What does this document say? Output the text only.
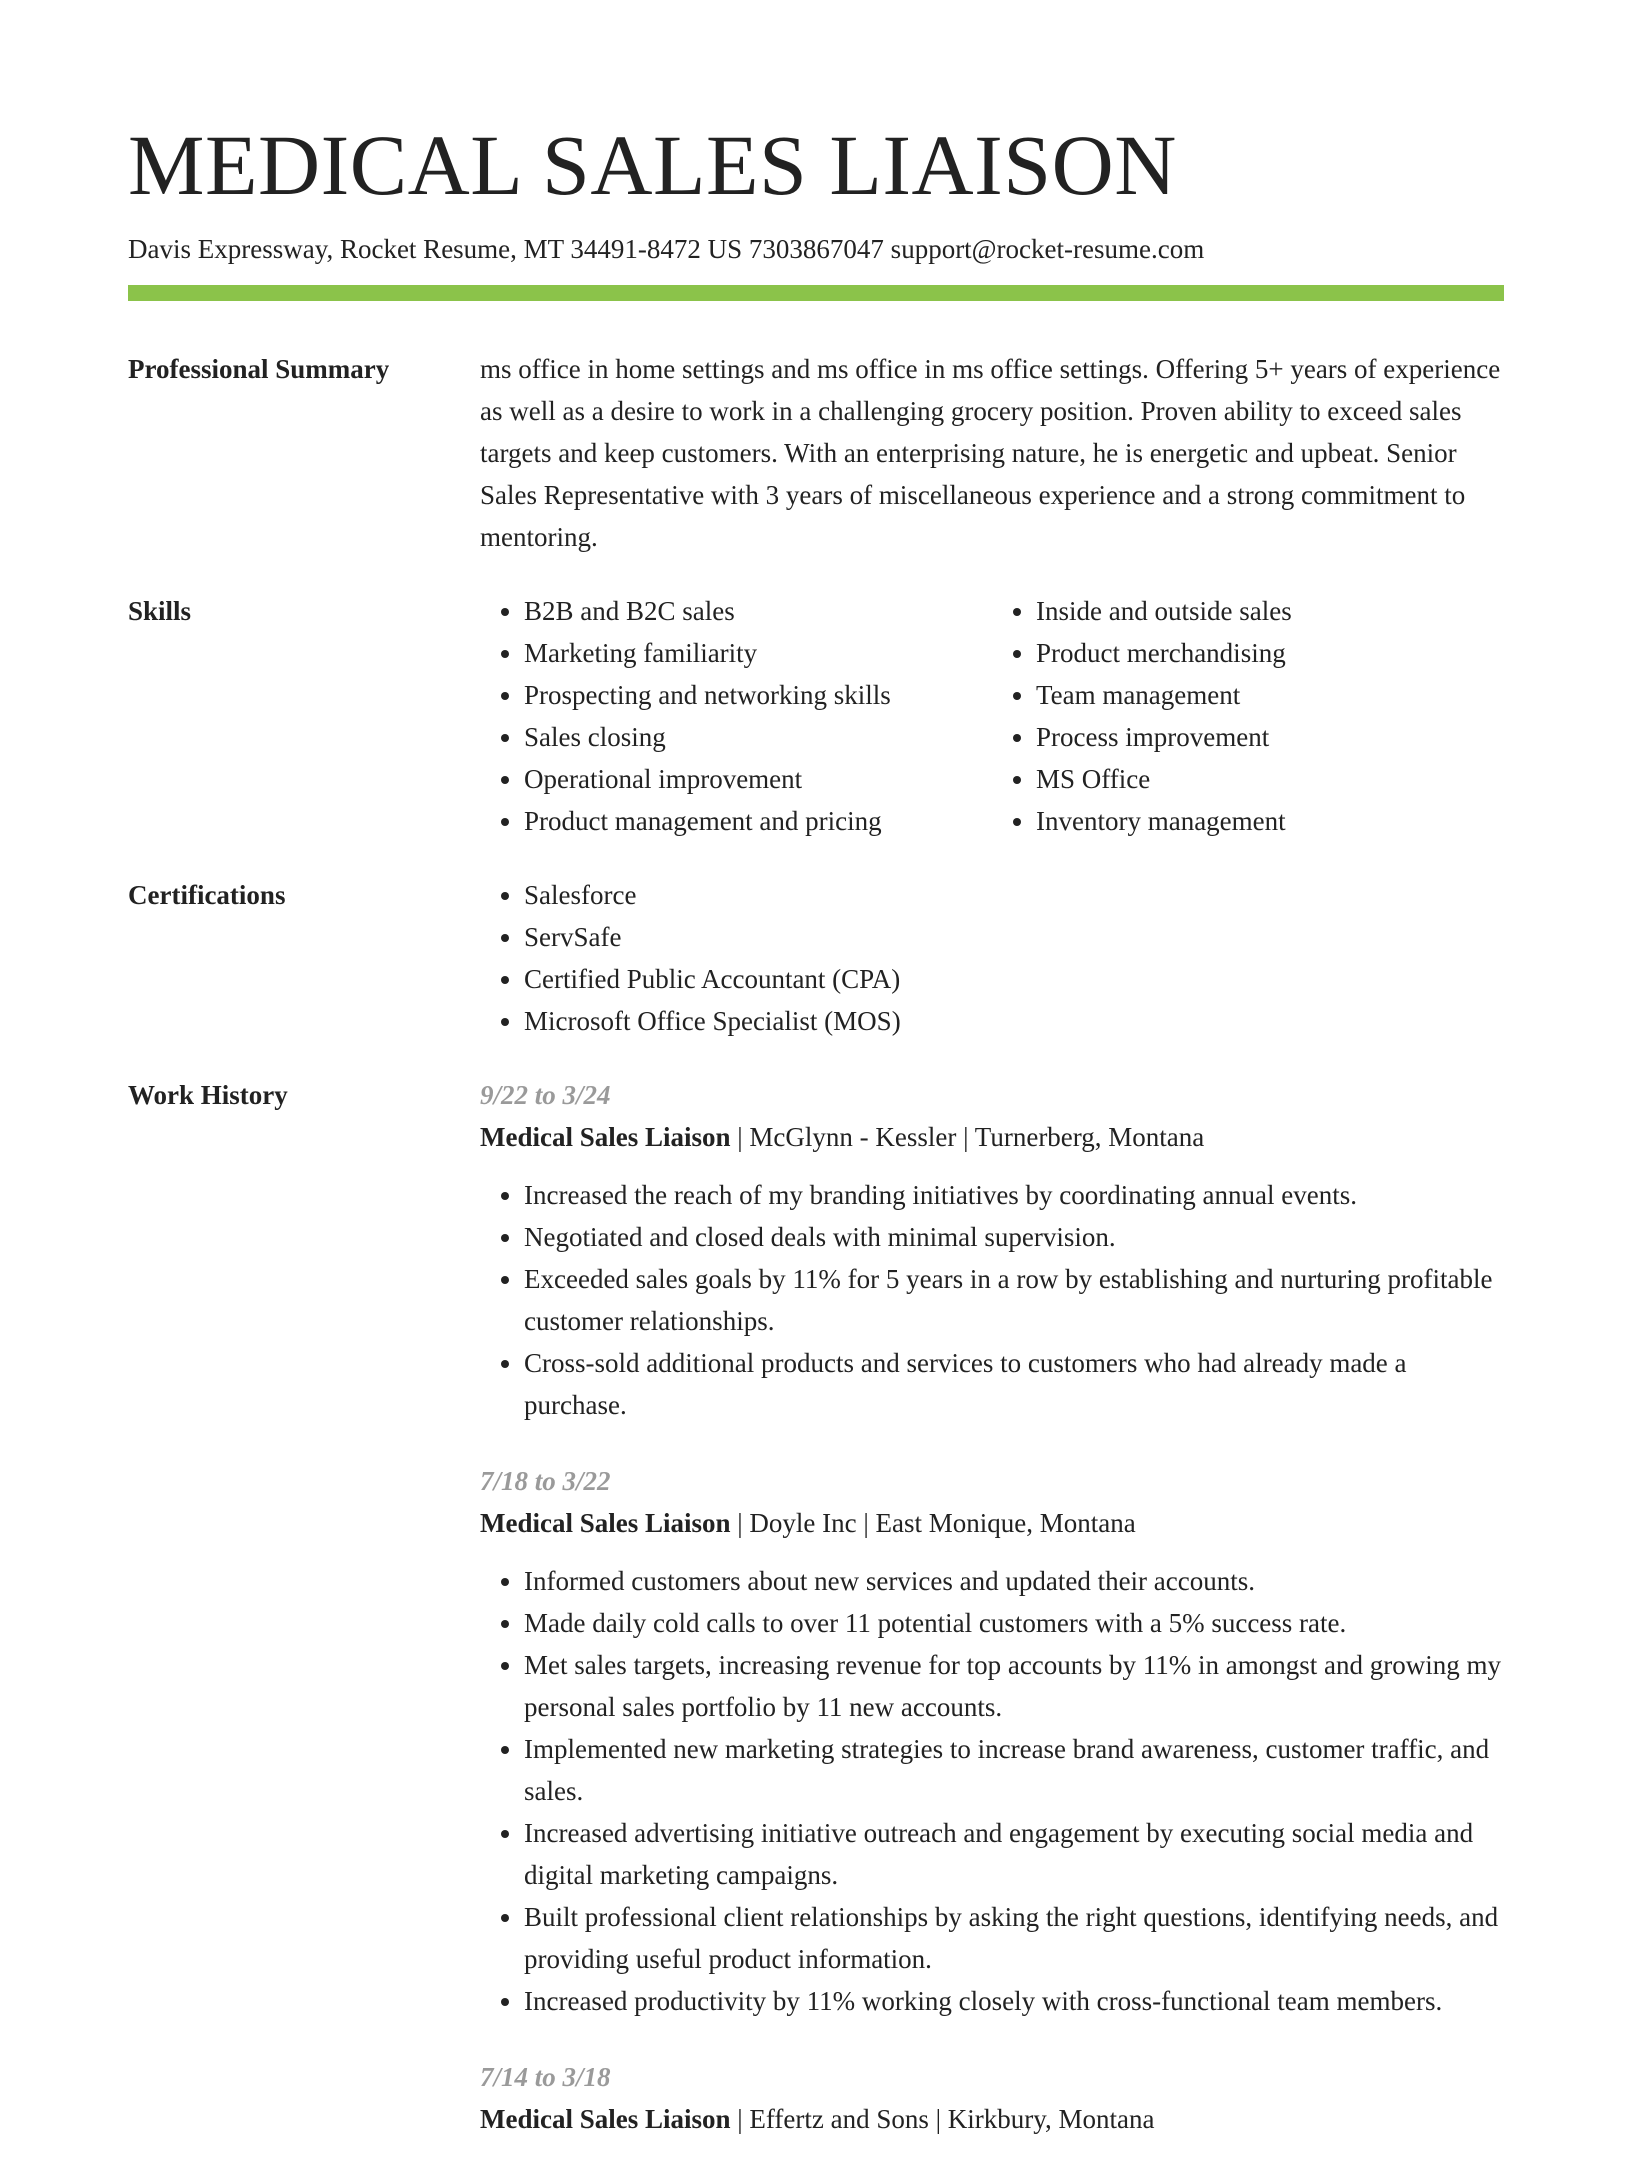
MEDICAL SALES LIAISON
Davis Expressway, Rocket Resume, MT 34491-8472 US 7303867047 support@rocket-resume.com
Professional Summary	ms office in home settings and ms office in ms office settings. Offering 5+ years of experience as well as a desire to work in a challenging grocery position. Proven ability to exceed sales targets and keep customers. With an enterprising nature, he is energetic and upbeat. Senior Sales Representative with 3 years of miscellaneous experience and a strong commitment to mentoring.

Skills	• B2B and B2C sales
• Marketing familiarity
• Prospecting and networking skills
• Sales closing
• Operational improvement
• Product management and pricing
• Inside and outside sales
• Product merchandising
• Team management
• Process improvement
• MS Office
• Inventory management
Certifications	• Salesforce
• ServSafe
• Certified Public Accountant (CPA)
• Microsoft Office Specialist (MOS)
Work History	9/22 to 3/24
Medical Sales Liaison | McGlynn - Kessler | Turnerberg, Montana
• Increased the reach of my branding initiatives by coordinating annual events.
• Negotiated and closed deals with minimal supervision.
• Exceeded sales goals by 11% for 5 years in a row by establishing and nurturing profitable customer relationships.
• Cross-sold additional products and services to customers who had already made a purchase.
7/18 to 3/22
Medical Sales Liaison | Doyle Inc | East Monique, Montana
• Informed customers about new services and updated their accounts.
• Made daily cold calls to over 11 potential customers with a 5% success rate.
• Met sales targets, increasing revenue for top accounts by 11% in amongst and growing my personal sales portfolio by 11 new accounts.
• Implemented new marketing strategies to increase brand awareness, customer traffic, and sales.
• Increased advertising initiative outreach and engagement by executing social media and digital marketing campaigns.
• Built professional client relationships by asking the right questions, identifying needs, and providing useful product information.
• Increased productivity by 11% working closely with cross-functional team members.
7/14 to 3/18
Medical Sales Liaison | Effertz and Sons | Kirkbury, Montana
